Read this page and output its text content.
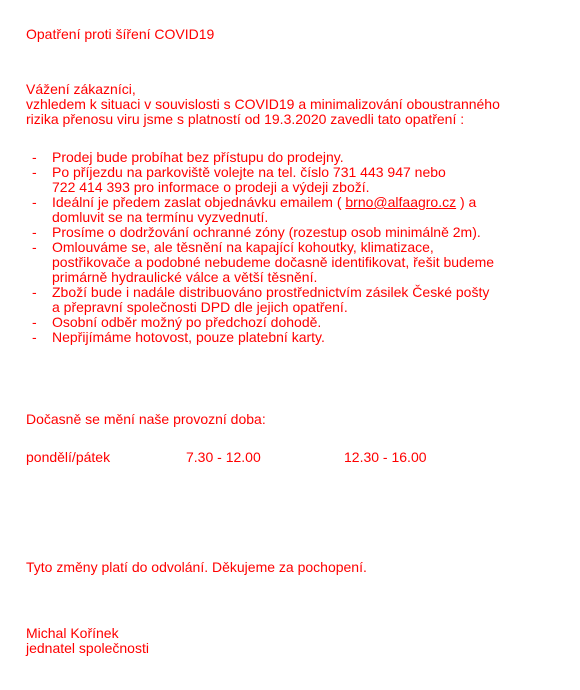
Opatření proti šíření COVID19
Vážení zákazníci,
vzhledem k situaci v souvislosti s COVID19 a minimalizování oboustranného
rizika přenosu viru jsme s platností od 19.3.2020 zavedli tato opatření :
- Prodej bude probíhat bez přístupu do prodejny.
- Po příjezdu na parkoviště volejte na tel. číslo 731 443 947 nebo
722 414 393 pro informace o prodeji a výdeji zboží.
- Ideální je předem zaslat objednávku emailem ( brno@alfaagro.cz ) a
domluvit se na termínu vyzvednutí.
- Prosíme o dodržování ochranné zóny (rozestup osob minimálně 2m).
- Omlouváme se, ale těsnění na kapající kohoutky, klimatizace,
postřikovače a podobné nebudeme dočasně identifikovat, řešit budeme
primárně hydraulické válce a větší těsnění.
- Zboží bude i nadále distribuováno prostřednictvím zásilek České pošty
a přepravní společnosti DPD dle jejich opatření.
- Osobní odběr možný po předchozí dohodě.
- Nepřijímáme hotovost, pouze platební karty.
Dočasně se mění naše provozní doba:
pondělí/pátek	7.30 - 12.00	12.30 - 16.00
Tyto změny platí do odvolání. Děkujeme za pochopení.
Michal Kořínek
jednatel společnosti
